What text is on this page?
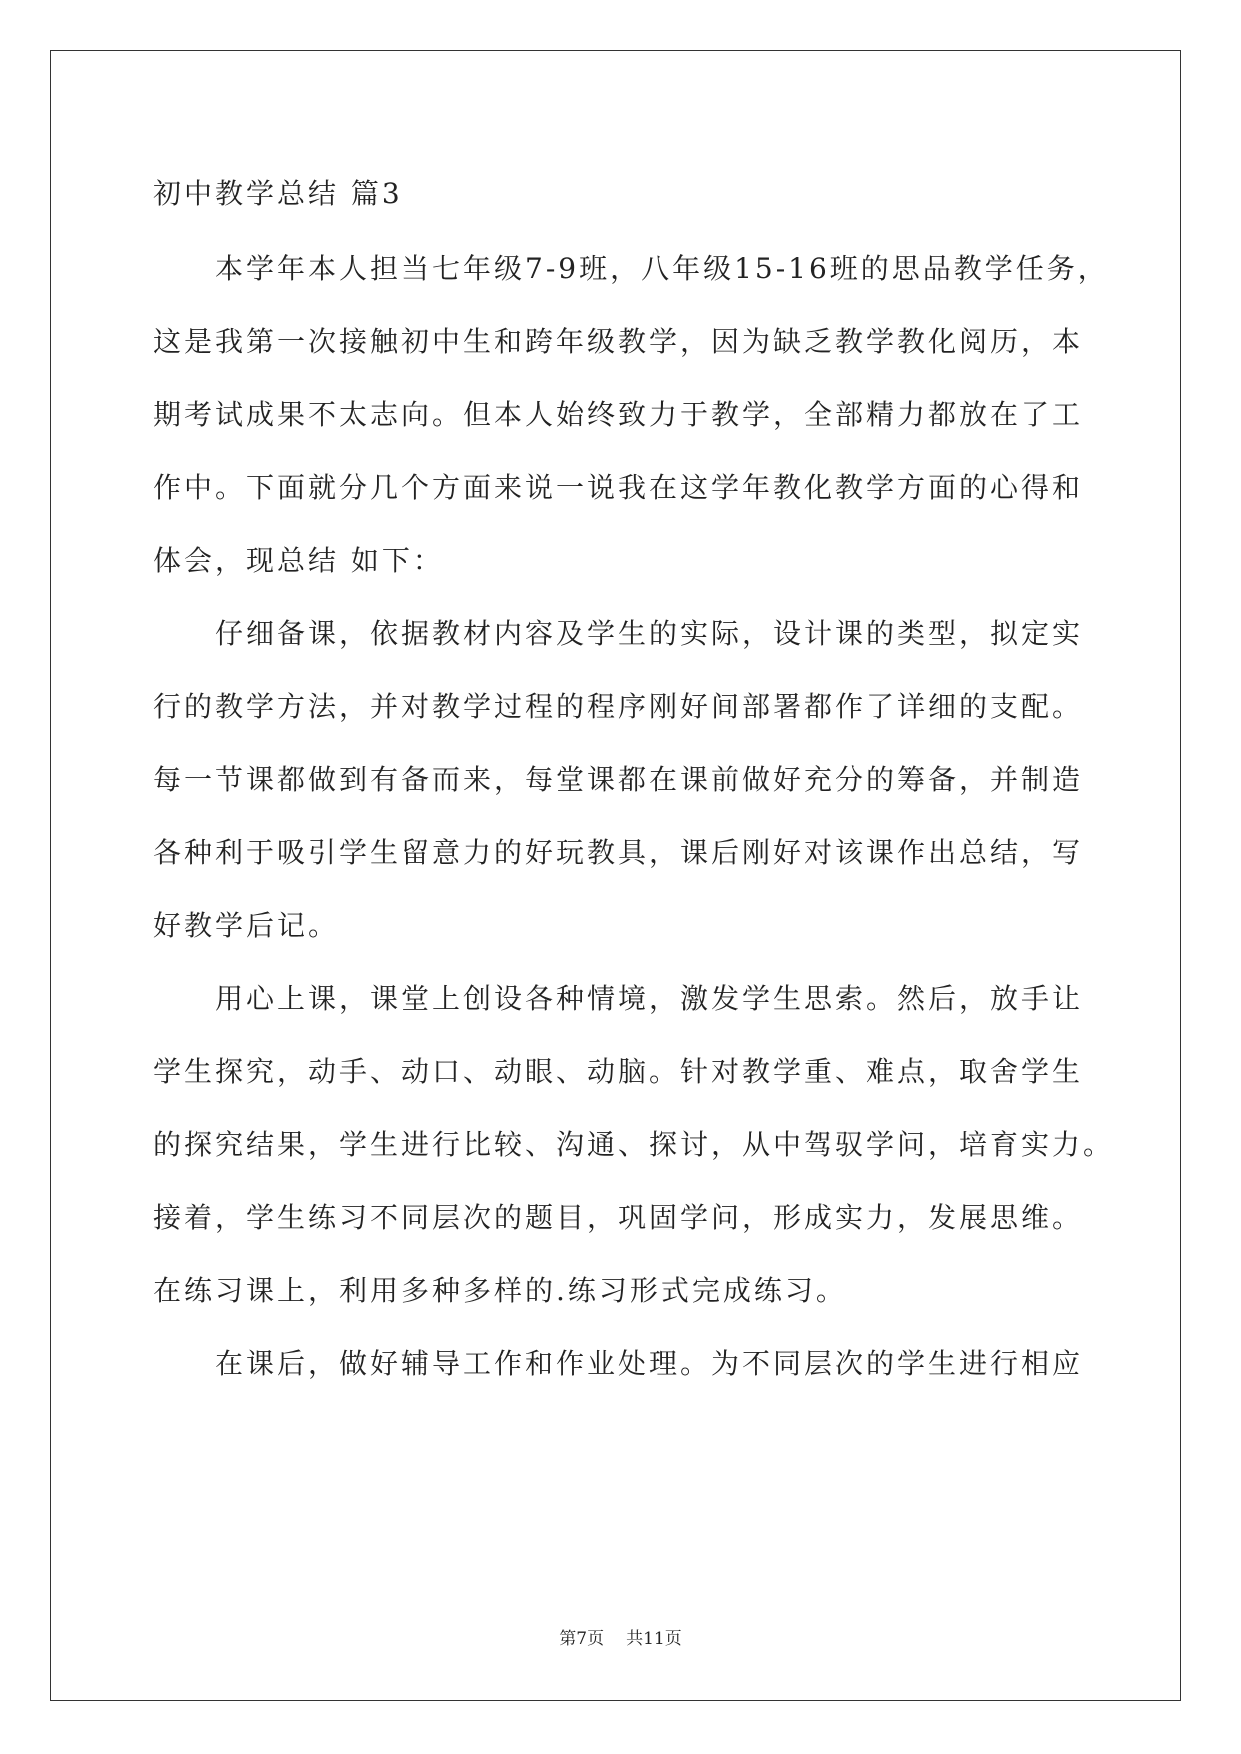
初中教学总结 篇3

本学年本人担当七年级7-9班，八年级15-16班的思品教学任务，

这是我第一次接触初中生和跨年级教学，因为缺乏教学教化阅历，本

期考试成果不太志向。但本人始终致力于教学，全部精力都放在了工

作中。下面就分几个方面来说一说我在这学年教化教学方面的心得和

体会，现总结 如下：

仔细备课，依据教材内容及学生的实际，设计课的类型，拟定实

行的教学方法，并对教学过程的程序刚好间部署都作了详细的支配。

每一节课都做到有备而来，每堂课都在课前做好充分的筹备，并制造

各种利于吸引学生留意力的好玩教具，课后刚好对该课作出总结，写

好教学后记。

用心上课，课堂上创设各种情境，激发学生思索。然后，放手让

学生探究，动手、动口、动眼、动脑。针对教学重、难点，取舍学生

的探究结果，学生进行比较、沟通、探讨，从中驾驭学问，培育实力。

接着，学生练习不同层次的题目，巩固学问，形成实力，发展思维。

在练习课上，利用多种多样的.练习形式完成练习。

在课后，做好辅导工作和作业处理。为不同层次的学生进行相应

第7页 共11页
